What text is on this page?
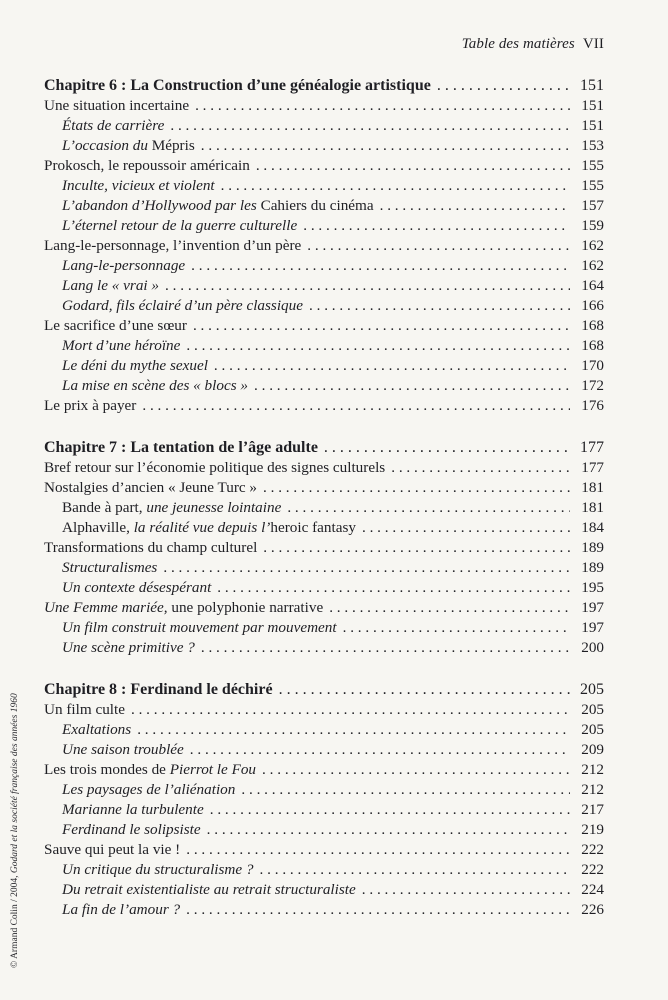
Table des matières VII
© Armand Colin / 2004, Godard et la société française des années 1960
Chapitre 6 : La Construction d’une généalogie artistique . . .	151
Une situation incertaine . . .	151
États de carrière . . .	151
L’occasion du Mépris . . .	153
Prokosch, le repoussoir américain . . .	155
Inculte, vicieux et violent . . .	155
L’abandon d’Hollywood par les Cahiers du cinéma . . .	157
L’éternel retour de la guerre culturelle . . .	159
Lang-le-personnage, l’invention d’un père . . .	162
Lang-le-personnage . . .	162
Lang le « vrai » . . .	164
Godard, fils éclairé d’un père classique . . .	166
Le sacrifice d’une sœur . . .	168
Mort d’une héroïne . . .	168
Le déni du mythe sexuel . . .	170
La mise en scène des « blocs » . . .	172
Le prix à payer . . .	176
Chapitre 7 : La tentation de l’âge adulte . . .	177
Bref retour sur l’économie politique des signes culturels . . .	177
Nostalgies d’ancien « Jeune Turc » . . .	181
Bande à part, une jeunesse lointaine . . .	181
Alphaville, la réalité vue depuis l’heroic fantasy . . .	184
Transformations du champ culturel . . .	189
Structuralismes . . .	189
Un contexte désespérant . . .	195
Une Femme mariée, une polyphonie narrative . . .	197
Un film construit mouvement par mouvement . . .	197
Une scène primitive ? . . .	200
Chapitre 8 : Ferdinand le déchiré . . .	205
Un film culte . . .	205
Exaltations . . .	205
Une saison troublée . . .	209
Les trois mondes de Pierrot le Fou . . .	212
Les paysages de l’aliénation . . .	212
Marianne la turbulente . . .	217
Ferdinand le solipsiste . . .	219
Sauve qui peut la vie ! . . .	222
Un critique du structuralisme ? . . .	222
Du retrait existentialiste au retrait structuraliste . . .	224
La fin de l’amour ? . . .	226
